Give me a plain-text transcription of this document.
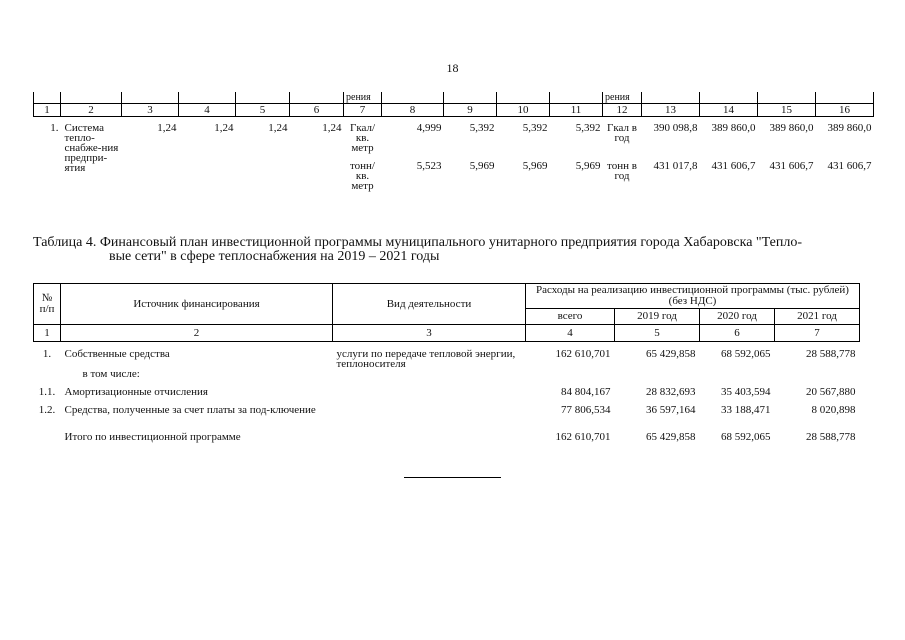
18
						рения					рения				
1	2	3	4	5	6	7	8	9	10	11	12	13	14	15	16
1.	Система тепло-снабже-ния предпри-ятия	1,24	1,24	1,24	1,24	Гкал/ кв. метр	4,999	5,392	5,392	5,392	Гкал в год	390 098,8	389 860,0	389 860,0	389 860,0
						тонн/ кв. метр	5,523	5,969	5,969	5,969	тонн в год	431 017,8	431 606,7	431 606,7	431 606,7
Таблица 4. Финансовый план инвестиционной программы муниципального унитарного предприятия города Хабаровска "Тепло-
вые сети" в сфере теплоснабжения на 2019 – 2021 годы
№ п/п	Источник финансирования	Вид деятельности	Расходы на реализацию инвестиционной программы (тыс. рублей) (без НДС)			
			всего	2019 год	2020 год	2021 год
1	2	3	4	5	6	7
1.	Собственные средства	услуги по передаче тепловой энергии, теплоносителя	162 610,701	65 429,858	68 592,065	28 588,778
	в том числе:					
1.1.	Амортизационные отчисления		84 804,167	28 832,693	35 403,594	20 567,880
1.2.	Средства, полученные за счет платы за под-ключение		77 806,534	36 597,164	33 188,471	8 020,898
	Итого по инвестиционной программе		162 610,701	65 429,858	68 592,065	28 588,778
